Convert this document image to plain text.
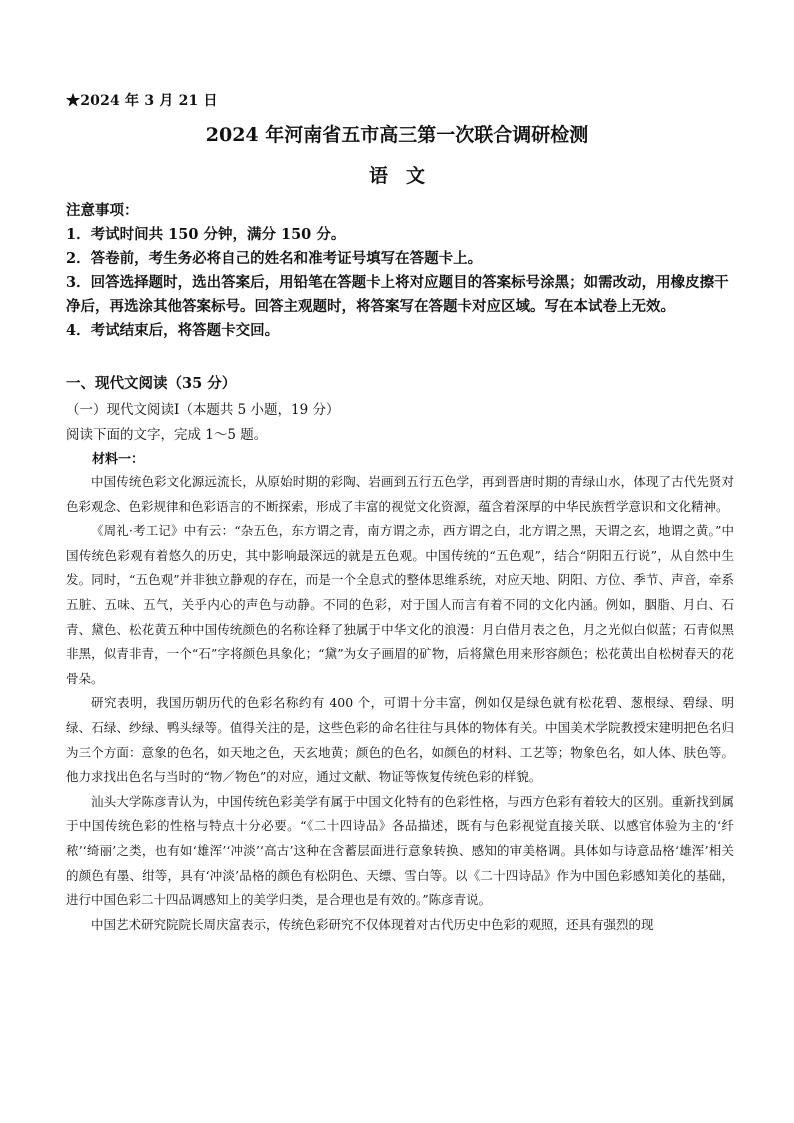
★2024 年 3 月 21 日
2024 年河南省五市高三第一次联合调研检测
语文

注意事项：

1．考试时间共 150 分钟，满分 150 分。

2．答卷前，考生务必将自己的姓名和准考证号填写在答题卡上。

3．回答选择题时，选出答案后，用铅笔在答题卡上将对应题目的答案标号涂黑；如需改动，用橡皮擦干净后，再选涂其他答案标号。回答主观题时，将答案写在答题卡对应区域。写在本试卷上无效。

4．考试结束后，将答题卡交回。

一、现代文阅读（35 分）
（一）现代文阅读Ⅰ（本题共 5 小题，19 分）
阅读下面的文字，完成 1～5 题。
材料一：

中国传统色彩文化源远流长，从原始时期的彩陶、岩画到五行五色学，再到晋唐时期的青绿山水，体现了古代先贤对色彩观念、色彩规律和色彩语言的不断探索，形成了丰富的视觉文化资源，蕴含着深厚的中华民族哲学意识和文化精神。

《周礼·考工记》中有云：“杂五色，东方谓之青，南方谓之赤，西方谓之白，北方谓之黑，天谓之玄，地谓之黄。”中国传统色彩观有着悠久的历史，其中影响最深远的就是五色观。中国传统的“五色观”，结合“阴阳五行说”，从自然中生发。同时，“五色观”并非独立静观的存在，而是一个全息式的整体思维系统，对应天地、阴阳、方位、季节、声音，牵系五脏、五味、五气，关乎内心的声色与动静。不同的色彩，对于国人而言有着不同的文化内涵。例如，胭脂、月白、石青、黛色、松花黄五种中国传统颜色的名称诠释了独属于中华文化的浪漫：月白借月表之色，月之光似白似蓝；石青似黑非黑，似青非青，一个“石”字将颜色具象化；“黛”为女子画眉的矿物，后将黛色用来形容颜色；松花黄出自松树春天的花骨朵。

研究表明，我国历朝历代的色彩名称约有 400 个，可谓十分丰富，例如仅是绿色就有松花碧、葱根绿、碧绿、明绿、石绿、纱绿、鸭头绿等。值得关注的是，这些色彩的命名往往与具体的物体有关。中国美术学院教授宋建明把色名归为三个方面：意象的色名，如天地之色，天玄地黄；颜色的色名，如颜色的材料、工艺等；物象色名，如人体、肤色等。他力求找出色名与当时的“物／物色”的对应，通过文献、物证等恢复传统色彩的样貌。

汕头大学陈彦青认为，中国传统色彩美学有属于中国文化特有的色彩性格，与西方色彩有着较大的区别。重新找到属于中国传统色彩的性格与特点十分必要。“《二十四诗品》各品描述，既有与色彩视觉直接关联、以感官体验为主的‘纤秾’‘绮丽’之类，也有如‘雄浑’‘冲淡’‘高古’这种在含蓄层面进行意象转换、感知的审美格调。具体如与诗意品格‘雄浑’相关的颜色有墨、绀等，具有‘冲淡’品格的颜色有松阴色、天缥、雪白等。以《二十四诗品》作为中国色彩感知美化的基础，进行中国色彩二十四品调感知上的美学归类，是合理也是有效的。”陈彦青说。

中国艺术研究院院长周庆富表示，传统色彩研究不仅体现着对古代历史中色彩的观照，还具有强烈的现
